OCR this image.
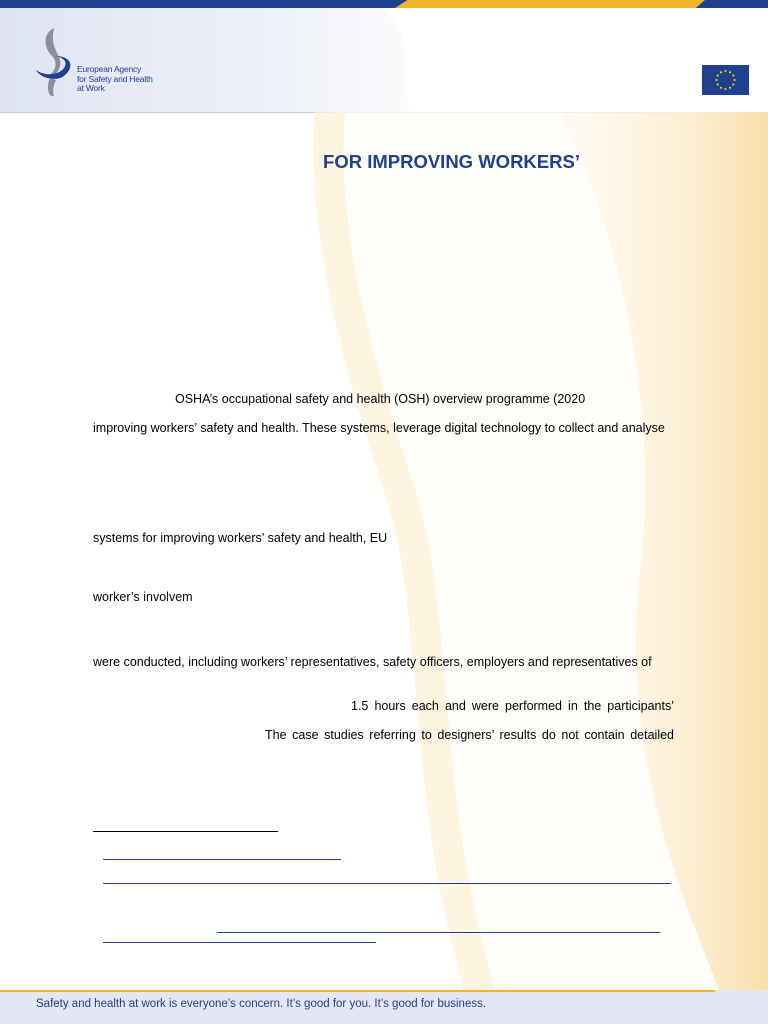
European Agency
for Safety and Health
at Work
FOR IMPROVING WORKERS’
OSHA’s occupational safety and health (OSH) overview programme (2020
improving workers’ safety and health. These systems, leverage digital technology to collect and analyse
systems for improving workers’ safety and health, EU
worker’s involvem
were conducted, including workers’ representatives, safety officers, employers and representatives of
1.5 hours each and were performed in the participants’
The case studies referring to designers’ results do not contain detailed
Safety and health at work is everyone’s concern. It’s good for you. It’s good for business.
